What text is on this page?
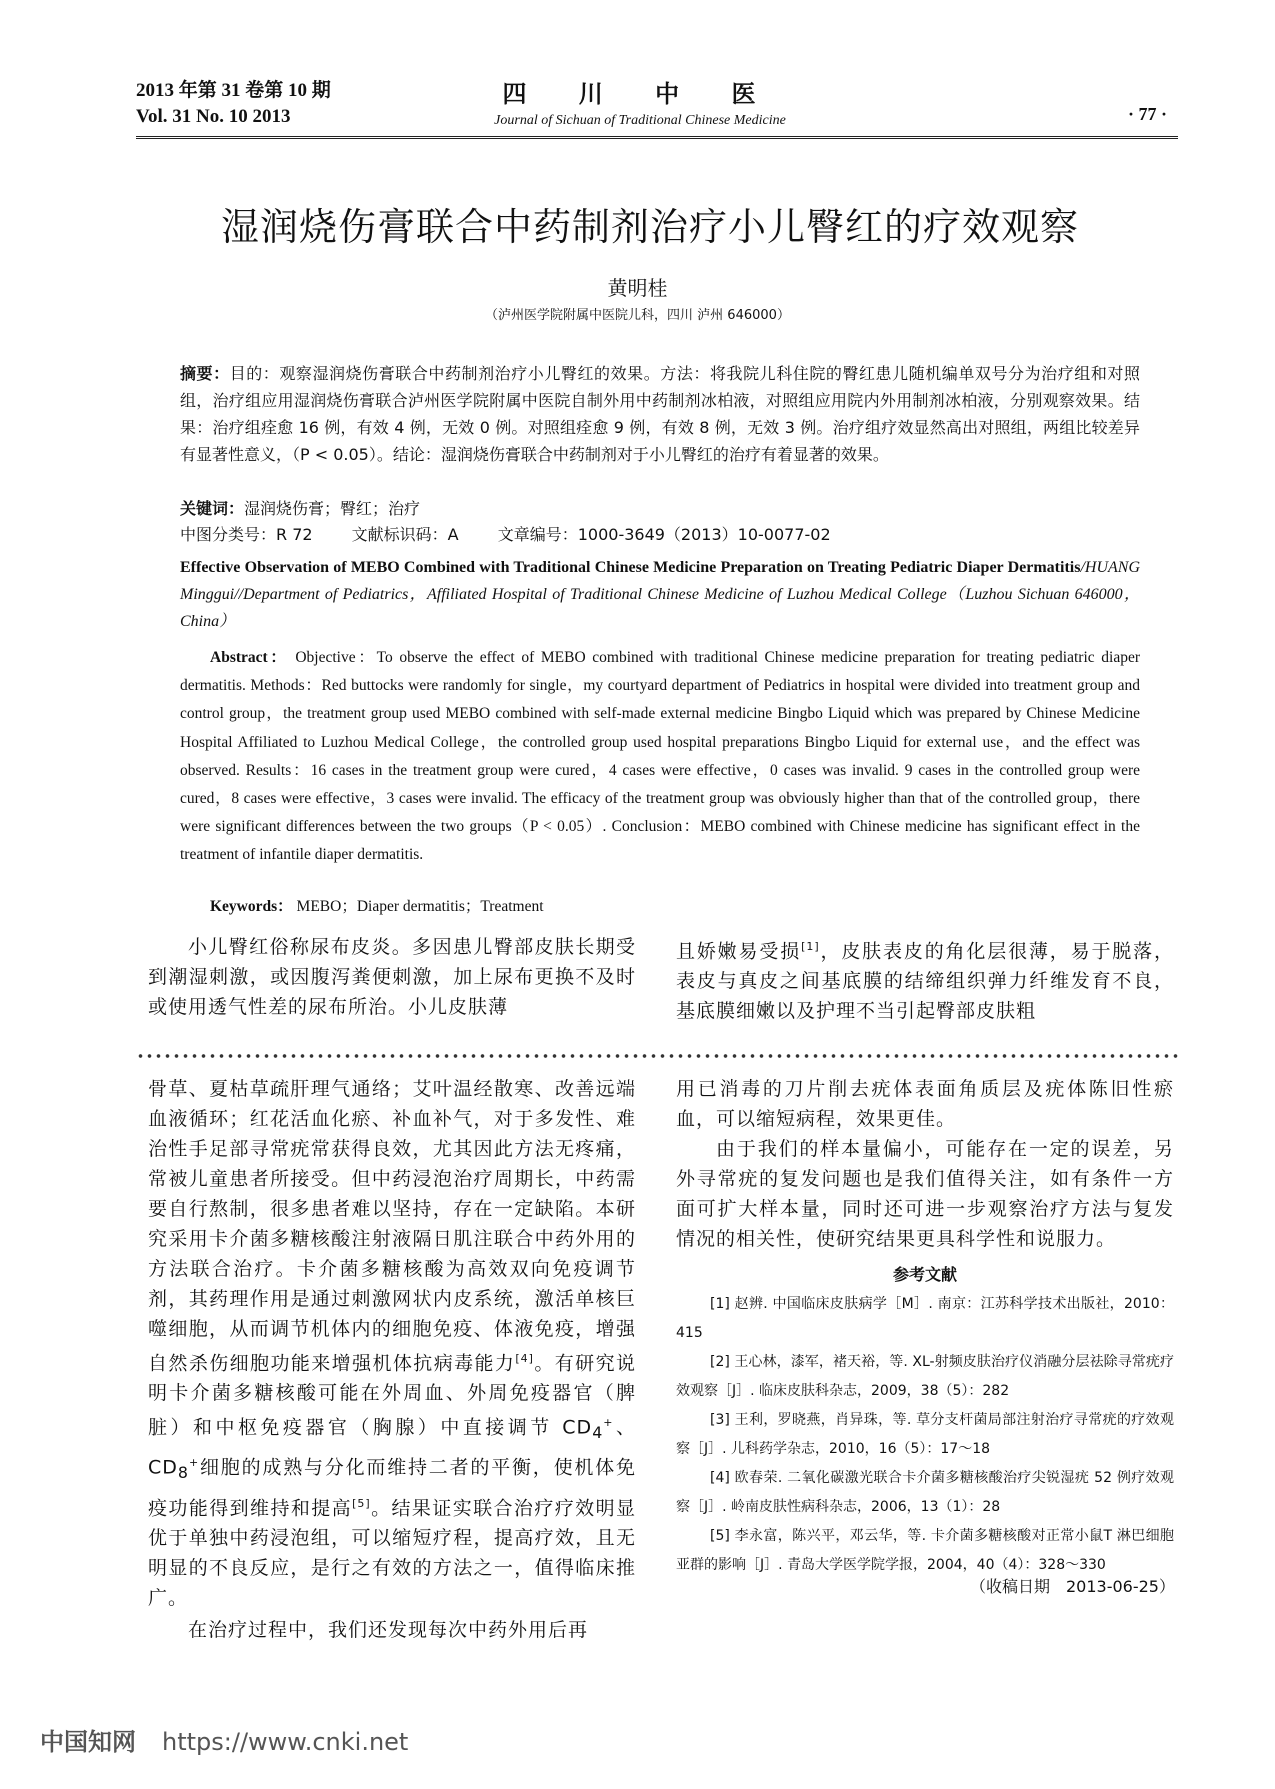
2013 年第 31 卷第 10 期
Vol. 31 No. 10 2013
四 川 中 医
Journal of Sichuan of Traditional Chinese Medicine	· 77 ·
湿润烧伤膏联合中药制剂治疗小儿臀红的疗效观察
黄明桂
（泸州医学院附属中医院儿科，四川 泸州 646000）
摘要：目的：观察湿润烧伤膏联合中药制剂治疗小儿臀红的效果。方法：将我院儿科住院的臀红患儿随机编单双号分为治疗组和对照组，治疗组应用湿润烧伤膏联合泸州医学院附属中医院自制外用中药制剂冰柏液，对照组应用院内外用制剂冰柏液，分别观察效果。结果：治疗组痊愈 16 例，有效 4 例，无效 0 例。对照组痊愈 9 例，有效 8 例，无效 3 例。治疗组疗效显然高出对照组，两组比较差异有显著性意义，（P < 0.05）。结论：湿润烧伤膏联合中药制剂对于小儿臀红的治疗有着显著的效果。
关键词：湿润烧伤膏；臀红；治疗
中图分类号：R 72 文献标识码：A 文章编号：1000-3649（2013）10-0077-02
Effective Observation of MEBO Combined with Traditional Chinese Medicine Preparation on Treating Pediatric Diaper Dermatitis/HUANG Minggui//Department of Pediatrics，Affiliated Hospital of Traditional Chinese Medicine of Luzhou Medical College（Luzhou Sichuan 646000，China）
Abstract： Objective：To observe the effect of MEBO combined with traditional Chinese medicine preparation for treating pediatric diaper dermatitis. Methods：Red buttocks were randomly for single，my courtyard department of Pediatrics in hospital were divided into treatment group and control group，the treatment group used MEBO combined with self-made external medicine Bingbo Liquid which was prepared by Chinese Medicine Hospital Affiliated to Luzhou Medical College，the controlled group used hospital preparations Bingbo Liquid for external use，and the effect was observed. Results：16 cases in the treatment group were cured，4 cases were effective，0 cases was invalid. 9 cases in the controlled group were cured，8 cases were effective，3 cases were invalid. The efficacy of the treatment group was obviously higher than that of the controlled group，there were significant differences between the two groups（P < 0.05）. Conclusion：MEBO combined with Chinese medicine has significant effect in the treatment of infantile diaper dermatitis.
Keywords： MEBO；Diaper dermatitis；Treatment

小儿臀红俗称尿布皮炎。多因患儿臀部皮肤长期受到潮湿刺激，或因腹泻粪便刺激，加上尿布更换不及时或使用透气性差的尿布所治。小儿皮肤薄

且娇嫩易受损[1]，皮肤表皮的角化层很薄，易于脱落，表皮与真皮之间基底膜的结缔组织弹力纤维发育不良，基底膜细嫩以及护理不当引起臀部皮肤粗

骨草、夏枯草疏肝理气通络；艾叶温经散寒、改善远端血液循环；红花活血化瘀、补血补气，对于多发性、难治性手足部寻常疣常获得良效，尤其因此方法无疼痛，常被儿童患者所接受。但中药浸泡治疗周期长，中药需要自行熬制，很多患者难以坚持，存在一定缺陷。本研究采用卡介菌多糖核酸注射液隔日肌注联合中药外用的方法联合治疗。卡介菌多糖核酸为高效双向免疫调节剂，其药理作用是通过刺激网状内皮系统，激活单核巨噬细胞，从而调节机体内的细胞免疫、体液免疫，增强自然杀伤细胞功能来增强机体抗病毒能力[4]。有研究说明卡介菌多糖核酸可能在外周血、外周免疫器官（脾脏）和中枢免疫器官（胸腺）中直接调节 $CD_4^+$、$CD_8^+$细胞的成熟与分化而维持二者的平衡，使机体免疫功能得到维持和提高[5]。结果证实联合治疗疗效明显优于单独中药浸泡组，可以缩短疗程，提高疗效，且无明显的不良反应，是行之有效的方法之一，值得临床推广。

在治疗过程中，我们还发现每次中药外用后再

用已消毒的刀片削去疣体表面角质层及疣体陈旧性瘀血，可以缩短病程，效果更佳。

由于我们的样本量偏小，可能存在一定的误差，另外寻常疣的复发问题也是我们值得关注，如有条件一方面可扩大样本量，同时还可进一步观察治疗方法与复发情况的相关性，使研究结果更具科学性和说服力。

参考文献

[1] 赵辨. 中国临床皮肤病学［M］. 南京：江苏科学技术出版社，2010：415

[2] 王心林，漆军，褚天裕，等. XL-射频皮肤治疗仪消融分层祛除寻常疣疗效观察［J］. 临床皮肤科杂志，2009，38（5）：282

[3] 王利，罗晓燕，肖异珠，等. 草分支杆菌局部注射治疗寻常疣的疗效观察［J］. 儿科药学杂志，2010，16（5）：17～18

[4] 欧春荣. 二氧化碳激光联合卡介菌多糖核酸治疗尖锐湿疣 52 例疗效观察［J］. 岭南皮肤性病科杂志，2006，13（1）：28

[5] 李永富，陈兴平，邓云华，等. 卡介菌多糖核酸对正常小鼠T 淋巴细胞亚群的影响［J］. 青岛大学医学院学报，2004，40（4）：328～330

（收稿日期　2013-06-25）
中国知网 https://www.cnki.net
